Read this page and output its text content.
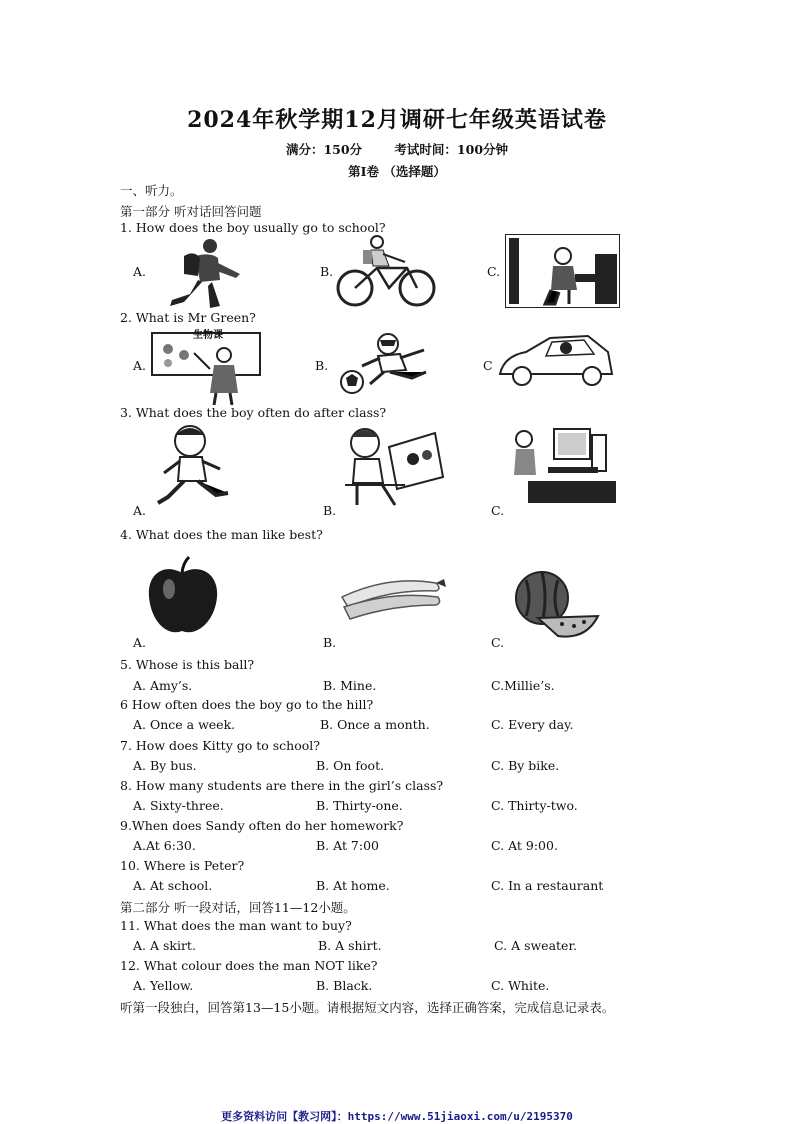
2024年秋学期12月调研七年级英语试卷
满分：150分	考试时间：100分钟
第Ⅰ卷 （选择题）
一、听力。
第一部分 听对话回答问题
1. How does the boy usually go to school?
A.	B.	C.
2. What is Mr Green?
A.	B.	C
生物课
3. What does the boy often do after class?
A.	B.	C.
4. What does the man like best?
A.	B.	C.
5. Whose is this ball?
A. Amy’s.	B. Mine.	C.Millie’s.
6 How often does the boy go to the hill?
A. Once a week.	B. Once a month.	C. Every day.
7. How does Kitty go to school?
A. By bus.	B. On foot.	C. By bike.
8. How many students are there in the girl’s class?
A. Sixty-three.	B. Thirty-one.	C. Thirty-two.
9.When does Sandy often do her homework?
A.At 6:30.	B. At 7:00	C. At 9:00.
10. Where is Peter?
A. At school.	B. At home.	C. In a restaurant
第二部分 听一段对话，回答11—12小题。
11. What does the man want to buy?
A. A skirt.	B. A shirt.	C. A sweater.
12. What colour does the man NOT like?
A. Yellow.	B. Black.	C. White.
听第一段独白，回答第13—15小题。请根据短文内容，选择正确答案，完成信息记录表。
更多资料访问【教习网】：https://www.51jiaoxi.com/u/2195370
